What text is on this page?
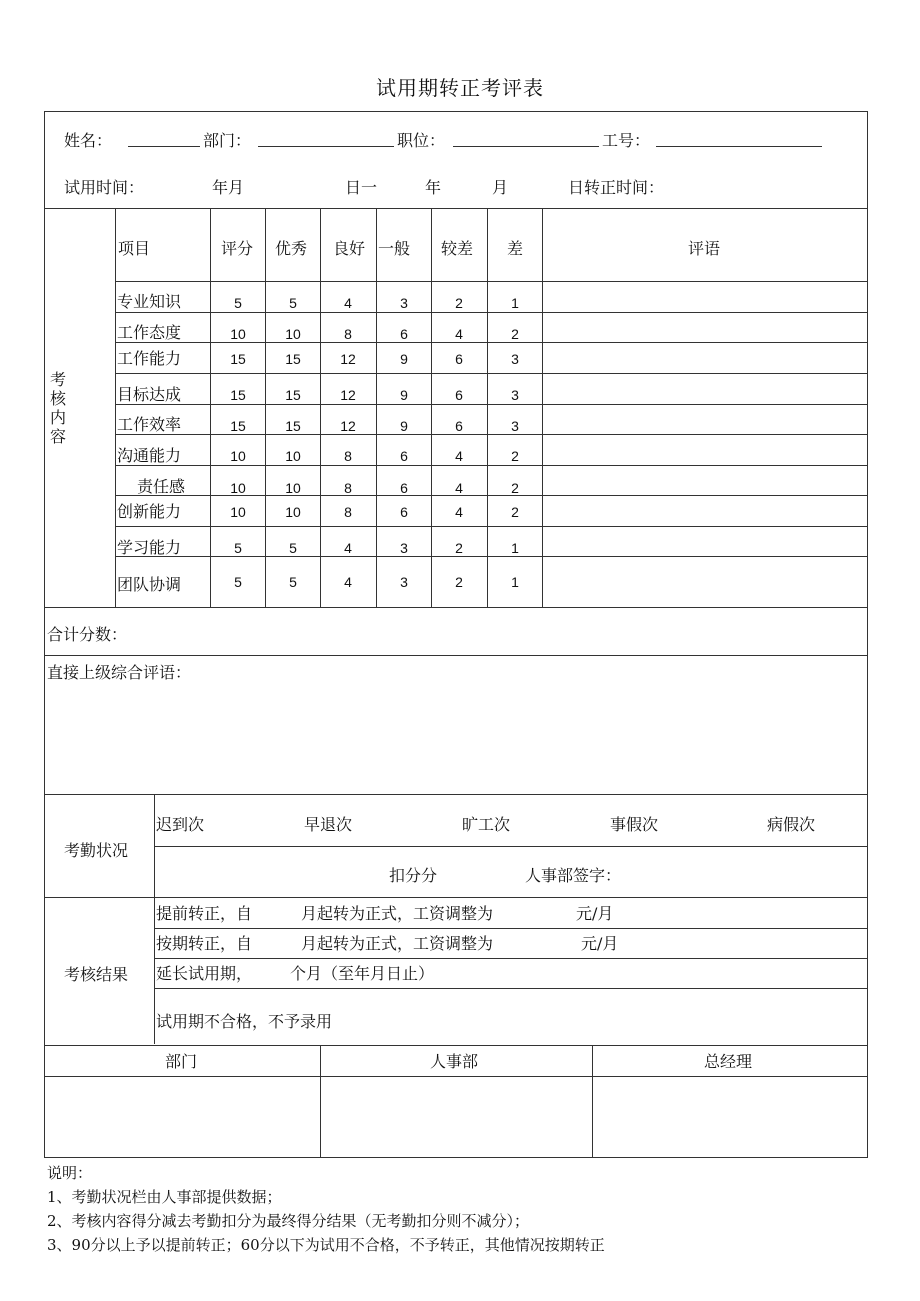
试用期转正考评表
姓名：	部门：	职位：	工号：
试用时间：	年月	日一	年	月	日转正时间：
考
核
内
容
项目	评分 优秀 良好 一般 较差 差	评语
专业知识	5	5	4	3	2	1
工作态度	10	10	8	6	4	2
工作能力	15	15	12	9	6	3
目标达成	15	15	12	9	6	3
工作效率	15	15	12	9	6	3
沟通能力	10	10	8	6	4	2
责任感	10	10	8	6	4	2
创新能力	10	10	8	6	4	2
学习能力	5	5	4	3	2	1
团队协调	5	5	4	3	2	1
合计分数：
直接上级综合评语：
考勤状况
迟到次	早退次	旷工次	事假次	病假次
扣分分	人事部签字：
考核结果
提前转正，自	月起转为正式，工资调整为	元/月
按期转正，自	月起转为正式，工资调整为	元/月
延长试用期， 个月（至年月日止）
试用期不合格，不予录用
部门	人事部	总经理
说明：
1、考勤状况栏由人事部提供数据；
2、考核内容得分减去考勤扣分为最终得分结果（无考勤扣分则不减分）；
3、90分以上予以提前转正；60分以下为试用不合格，不予转正，其他情况按期转正
